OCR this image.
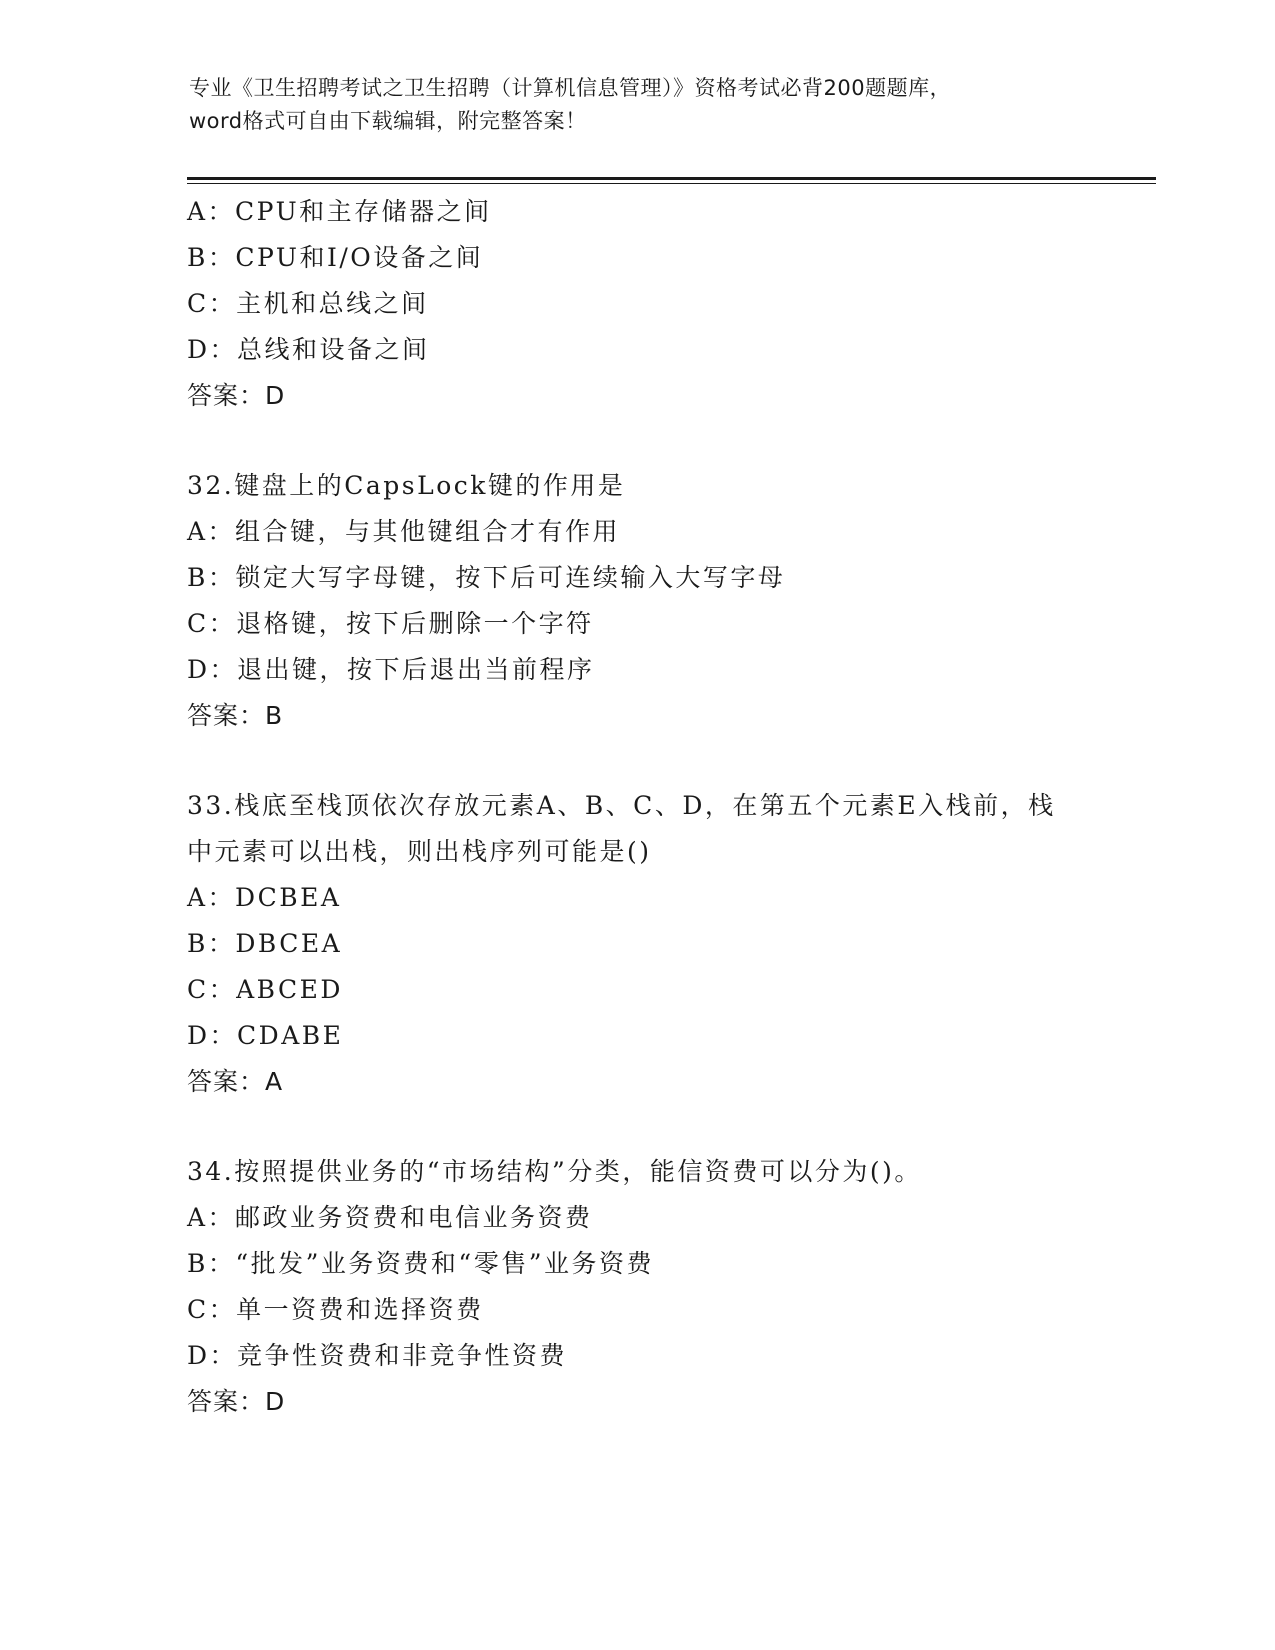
专业《卫生招聘考试之卫生招聘（计算机信息管理）》资格考试必背200题题库，
word格式可自由下载编辑，附完整答案！
A：CPU和主存储器之间
B：CPU和I/O设备之间
C：主机和总线之间
D：总线和设备之间
答案：D
32.键盘上的CapsLock键的作用是
A：组合键，与其他键组合才有作用
B：锁定大写字母键，按下后可连续输入大写字母
C：退格键，按下后删除一个字符
D：退出键，按下后退出当前程序
答案：B
33.栈底至栈顶依次存放元素A、B、C、D，在第五个元素E入栈前，栈
中元素可以出栈，则出栈序列可能是()
A：DCBEA
B：DBCEA
C：ABCED
D：CDABE
答案：A
34.按照提供业务的“市场结构”分类，能信资费可以分为()。
A：邮政业务资费和电信业务资费
B：“批发”业务资费和“零售”业务资费
C：单一资费和选择资费
D：竞争性资费和非竞争性资费
答案：D
